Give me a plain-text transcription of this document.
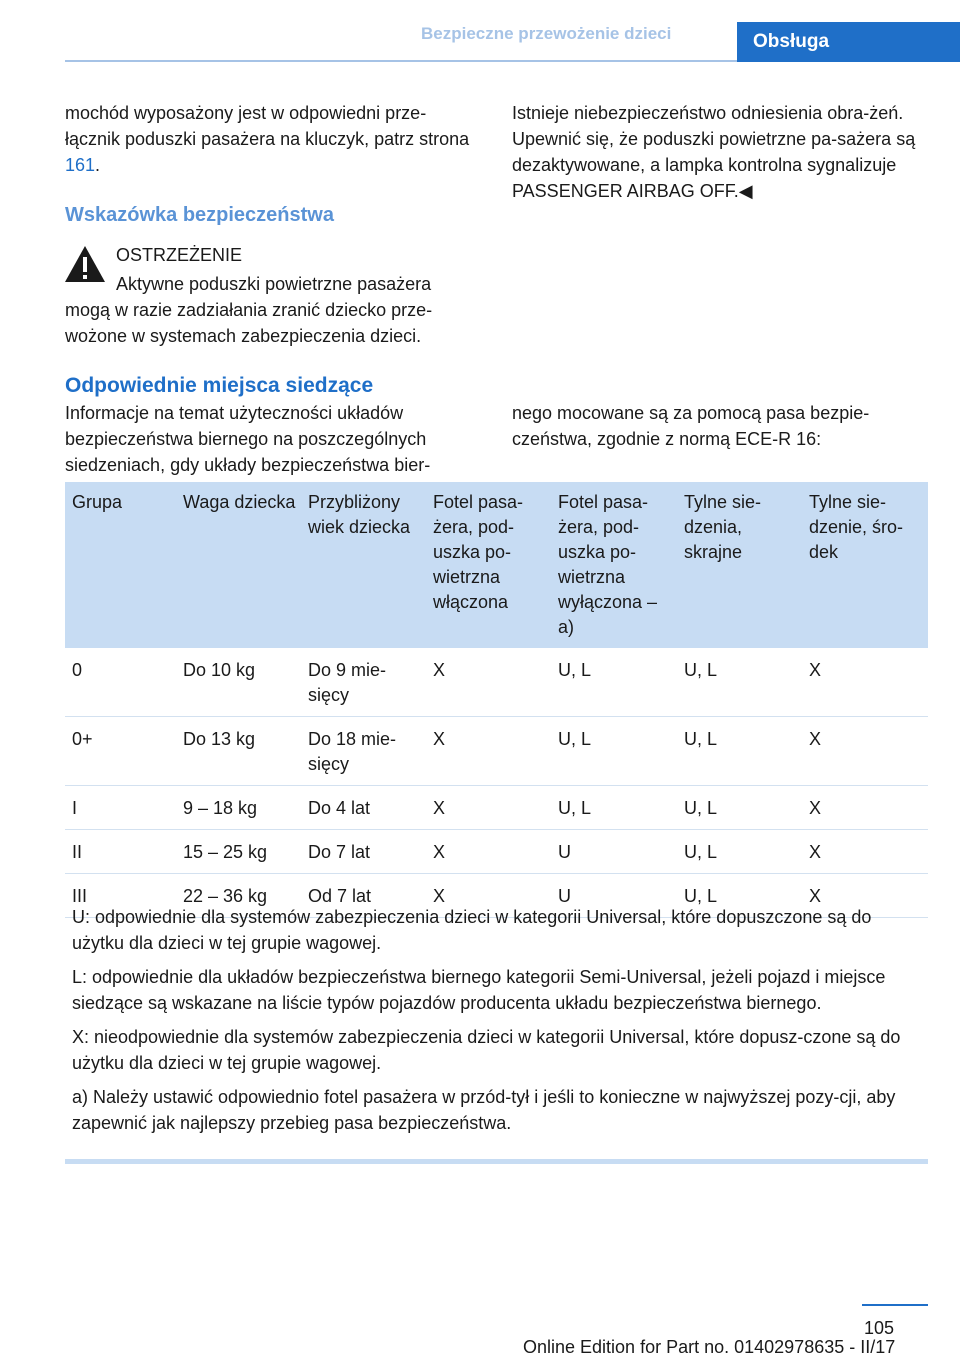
Bezpieczne przewożenie dzieci	Obsługa

mochód wyposażony jest w odpowiedni prze‐łącznik poduszki pasażera na kluczyk, patrz strona 161.

Wskazówka bezpieczeństwa
OSTRZEŻENIE

Aktywne poduszki powietrzne pasażera mogą w razie zadziałania zranić dziecko prze‐wożone w systemach zabezpieczenia dzieci.

Istnieje niebezpieczeństwo odniesienia obra‐żeń. Upewnić się, że poduszki powietrzne pa‐sażera są dezaktywowane, a lampka kontrolna sygnalizuje PASSENGER AIRBAG OFF.◀

Odpowiednie miejsca siedzące

Informacje na temat użyteczności układów bezpieczeństwa biernego na poszczególnych siedzeniach, gdy układy bezpieczeństwa bier‐

nego mocowane są za pomocą pasa bezpie‐czeństwa, zgodnie z normą ECE-R 16:

Grupa	Waga dziecka	Przybliżony wiek dziecka	Fotel pasa‐żera, pod‐uszka po‐wietrzna włączona	Fotel pasa‐żera, pod‐uszka po‐wietrzna wyłączona – a)	Tylne sie‐dzenia, skrajne	Tylne sie‐dzenie, śro‐dek
0	Do 10 kg	Do 9 mie‐sięcy	X	U, L	U, L	X
0+	Do 13 kg	Do 18 mie‐sięcy	X	U, L	U, L	X
I	9 – 18 kg	Do 4 lat	X	U, L	U, L	X
II	15 – 25 kg	Do 7 lat	X	U	U, L	X
III	22 – 36 kg	Od 7 lat	X	U	U, L	X

U: odpowiednie dla systemów zabezpieczenia dzieci w kategorii Universal, które dopuszczone są do użytku dla dzieci w tej grupie wagowej.

L: odpowiednie dla układów bezpieczeństwa biernego kategorii Semi-Universal, jeżeli pojazd i miejsce siedzące są wskazane na liście typów pojazdów producenta układu bezpieczeństwa biernego.

X: nieodpowiednie dla systemów zabezpieczenia dzieci w kategorii Universal, które dopusz‐czone są do użytku dla dzieci w tej grupie wagowej.

a) Należy ustawić odpowiednio fotel pasażera w przód-tył i jeśli to konieczne w najwyższej pozy‐cji, aby zapewnić jak najlepszy przebieg pasa bezpieczeństwa.

105
Online Edition for Part no. 01402978635 - II/17
